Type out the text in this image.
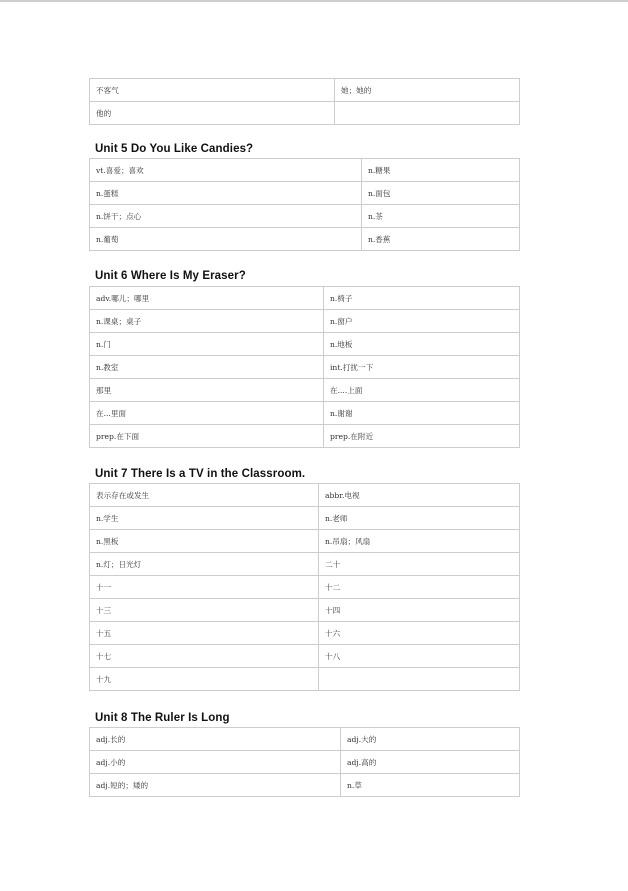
不客气	她；她的
他的	
Unit 5 Do You Like Candies?
vt.喜爱；喜欢	n.糖果
n.蛋糕	n.面包
n.饼干；点心	n.茶
n.葡萄	n.香蕉
Unit 6 Where Is My Eraser?
adv.哪儿；哪里	n.椅子
n.课桌；桌子	n.窗户
n.门	n.地板
n.教室	int.打扰一下
那里	在....上面
在...里面	n.谢谢
prep.在下面	prep.在附近
Unit 7 There Is a TV in the Classroom.
表示存在或发生	abbr.电视
n.学生	n.老师
n.黑板	n.吊扇；风扇
n.灯；日光灯	二十
十一	十二
十三	十四
十五	十六
十七	十八
十九	
Unit 8 The Ruler Is Long
adj.长的	adj.大的
adj.小的	adj.高的
adj.短的；矮的	n.草
